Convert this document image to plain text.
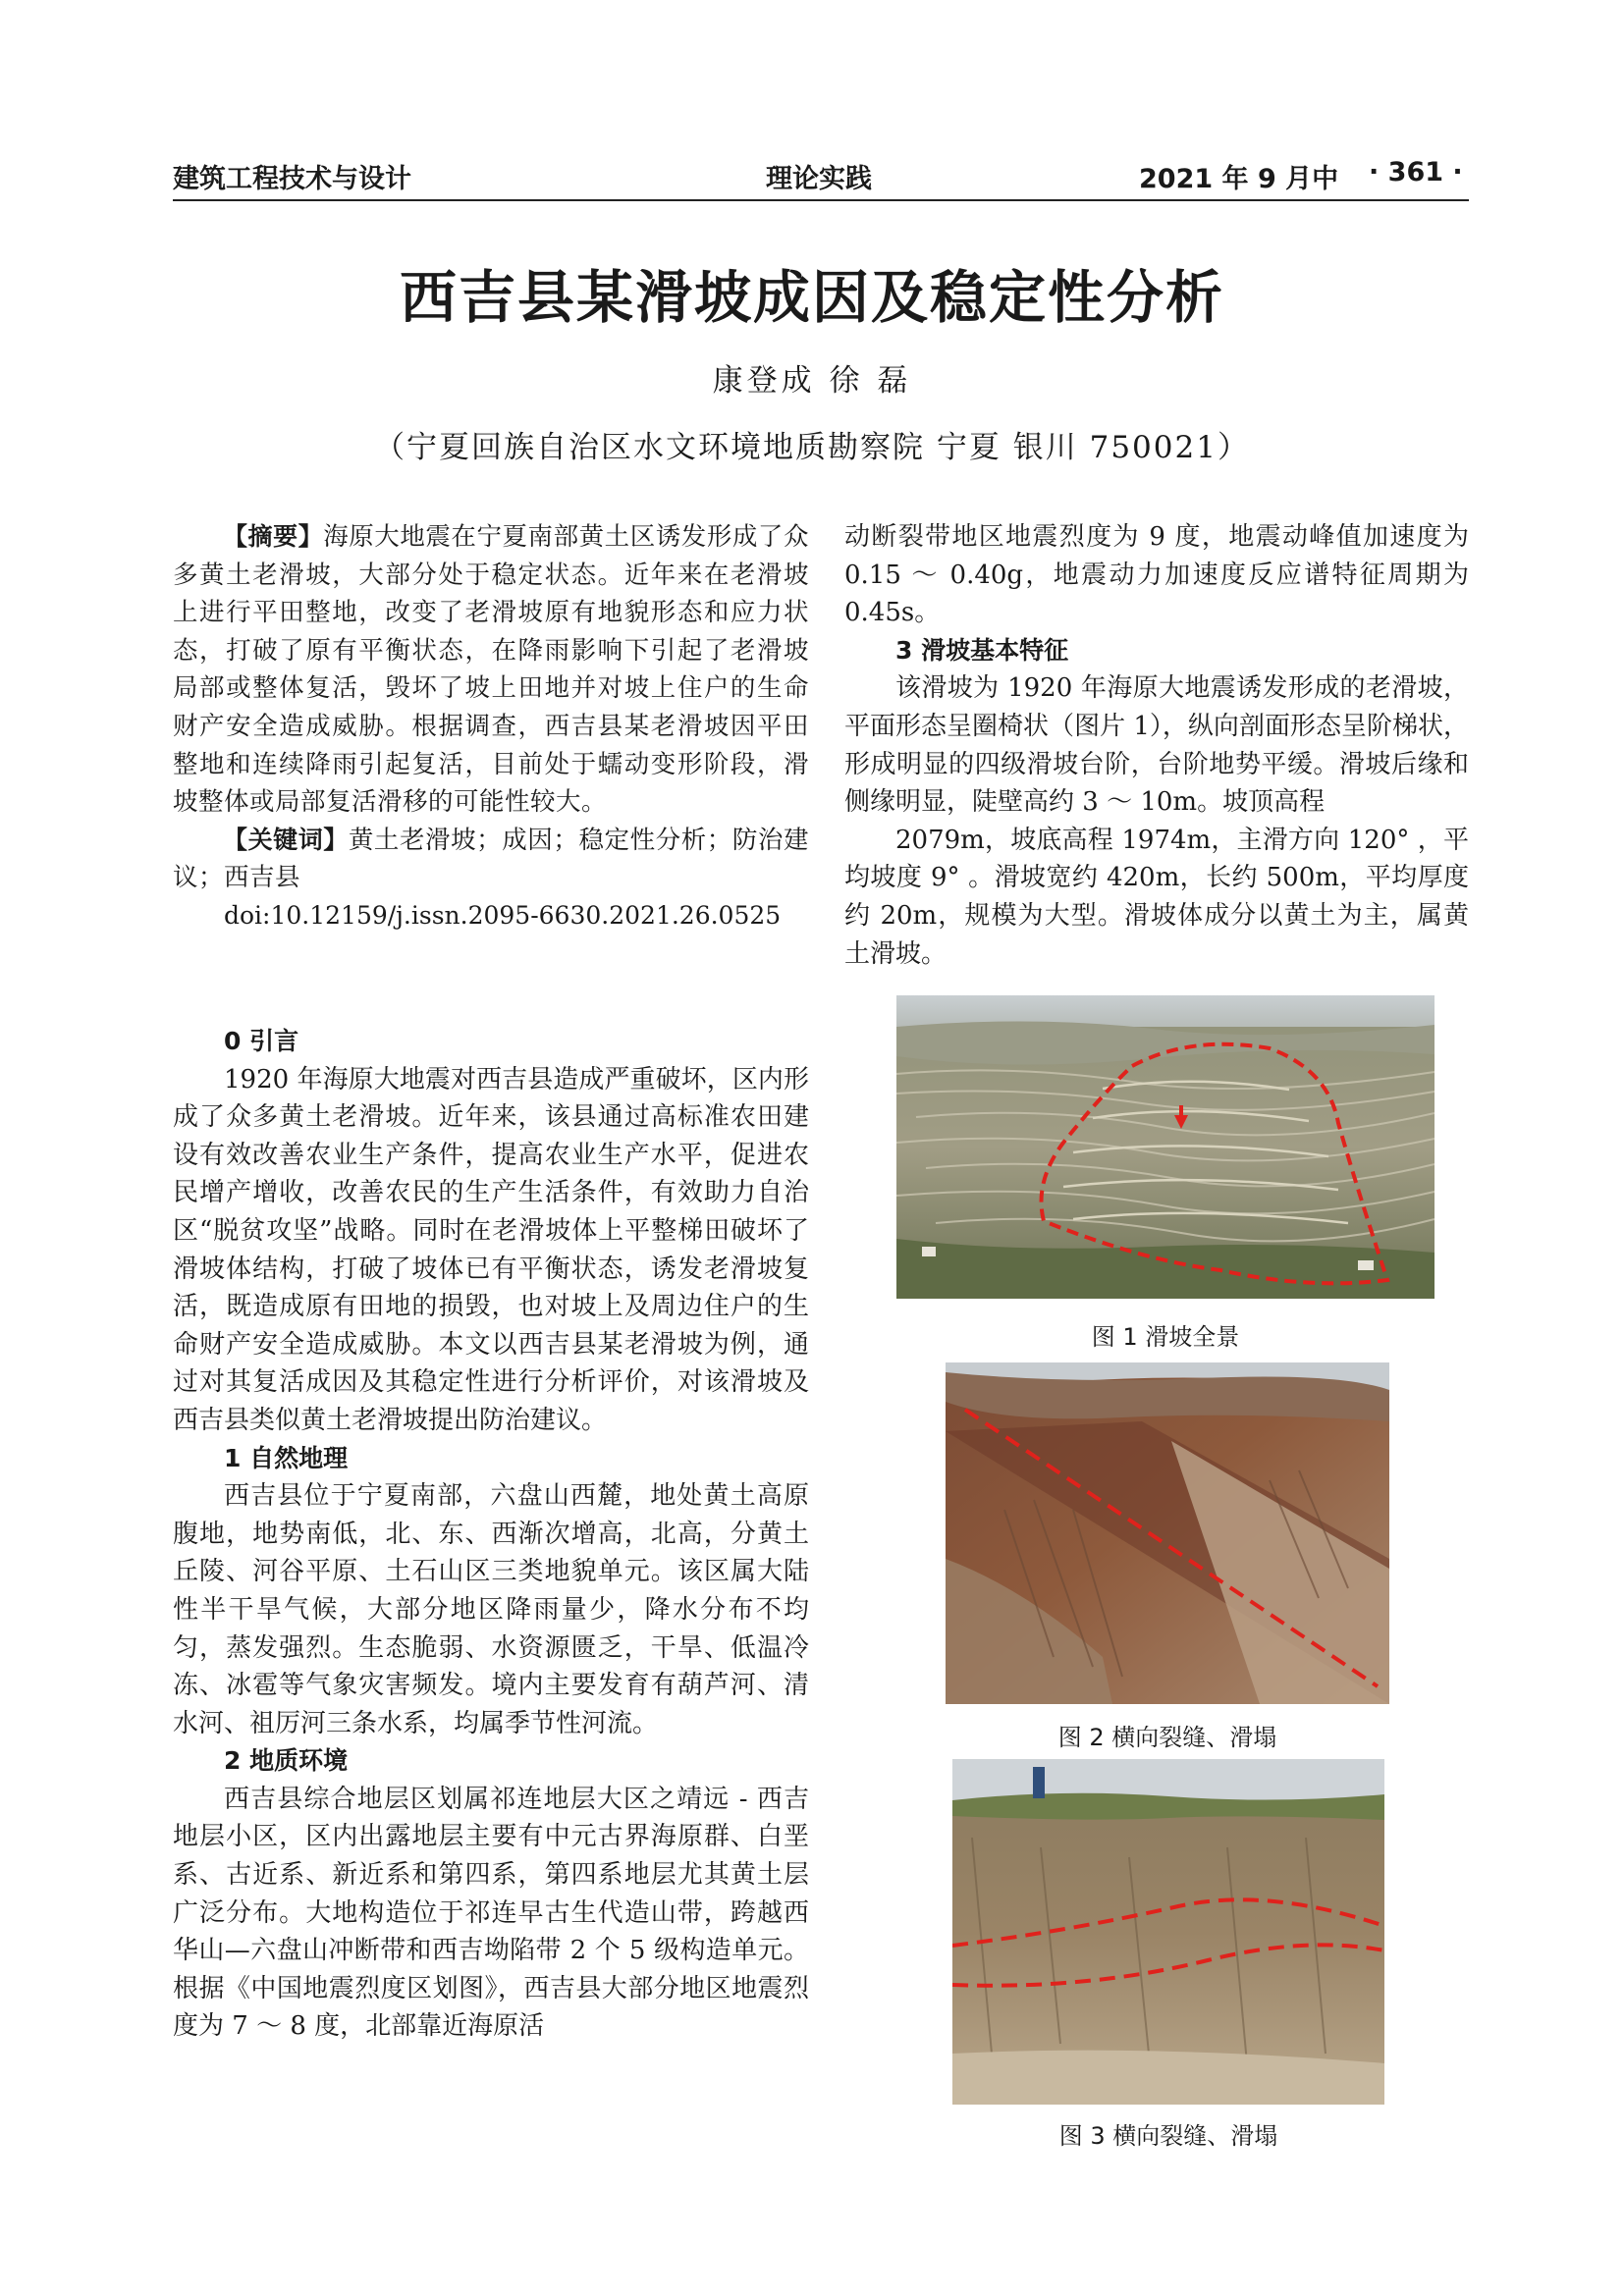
建筑工程技术与设计	理论实践	2021 年 9 月中 · 361 ·
西吉县某滑坡成因及稳定性分析
康登成 徐 磊
（宁夏回族自治区水文环境地质勘察院 宁夏 银川 750021）

【摘要】海原大地震在宁夏南部黄土区诱发形成了众多黄土老滑坡，大部分处于稳定状态。近年来在老滑坡上进行平田整地，改变了老滑坡原有地貌形态和应力状态，打破了原有平衡状态，在降雨影响下引起了老滑坡局部或整体复活，毁坏了坡上田地并对坡上住户的生命财产安全造成威胁。根据调查，西吉县某老滑坡因平田整地和连续降雨引起复活，目前处于蠕动变形阶段，滑坡整体或局部复活滑移的可能性较大。

【关键词】黄土老滑坡；成因；稳定性分析；防治建议；西吉县

doi:10.12159/j.issn.2095-6630.2021.26.0525
0 引言

1920 年海原大地震对西吉县造成严重破坏，区内形成了众多黄土老滑坡。近年来，该县通过高标准农田建设有效改善农业生产条件，提高农业生产水平，促进农民增产增收，改善农民的生产生活条件，有效助力自治区“脱贫攻坚”战略。同时在老滑坡体上平整梯田破坏了滑坡体结构，打破了坡体已有平衡状态，诱发老滑坡复活，既造成原有田地的损毁，也对坡上及周边住户的生命财产安全造成威胁。本文以西吉县某老滑坡为例，通过对其复活成因及其稳定性进行分析评价，对该滑坡及西吉县类似黄土老滑坡提出防治建议。

1 自然地理

西吉县位于宁夏南部，六盘山西麓，地处黄土高原腹地，地势南低，北、东、西渐次增高，北高，分黄土丘陵、河谷平原、土石山区三类地貌单元。该区属大陆性半干旱气候，大部分地区降雨量少，降水分布不均匀，蒸发强烈。生态脆弱、水资源匮乏，干旱、低温冷冻、冰雹等气象灾害频发。境内主要发育有葫芦河、清水河、祖厉河三条水系，均属季节性河流。

2 地质环境

西吉县综合地层区划属祁连地层大区之靖远 - 西吉地层小区，区内出露地层主要有中元古界海原群、白垩系、古近系、新近系和第四系，第四系地层尤其黄土层广泛分布。大地构造位于祁连早古生代造山带，跨越西华山—六盘山冲断带和西吉坳陷带 2 个 5 级构造单元。根据《中国地震烈度区划图》，西吉县大部分地区地震烈度为 7 ～ 8 度，北部靠近海原活

动断裂带地区地震烈度为 9 度，地震动峰值加速度为 0.15 ～ 0.40g，地震动力加速度反应谱特征周期为 0.45s。

3 滑坡基本特征

该滑坡为 1920 年海原大地震诱发形成的老滑坡，平面形态呈圈椅状（图片 1），纵向剖面形态呈阶梯状，形成明显的四级滑坡台阶，台阶地势平缓。滑坡后缘和侧缘明显，陡壁高约 3 ～ 10m。坡顶高程

2079m，坡底高程 1974m，主滑方向 120° ，平均坡度 9° 。滑坡宽约 420m，长约 500m，平均厚度约 20m，规模为大型。滑坡体成分以黄土为主，属黄土滑坡。

图 1 滑坡全景
图 2 横向裂缝、滑塌
图 3 横向裂缝、滑塌
